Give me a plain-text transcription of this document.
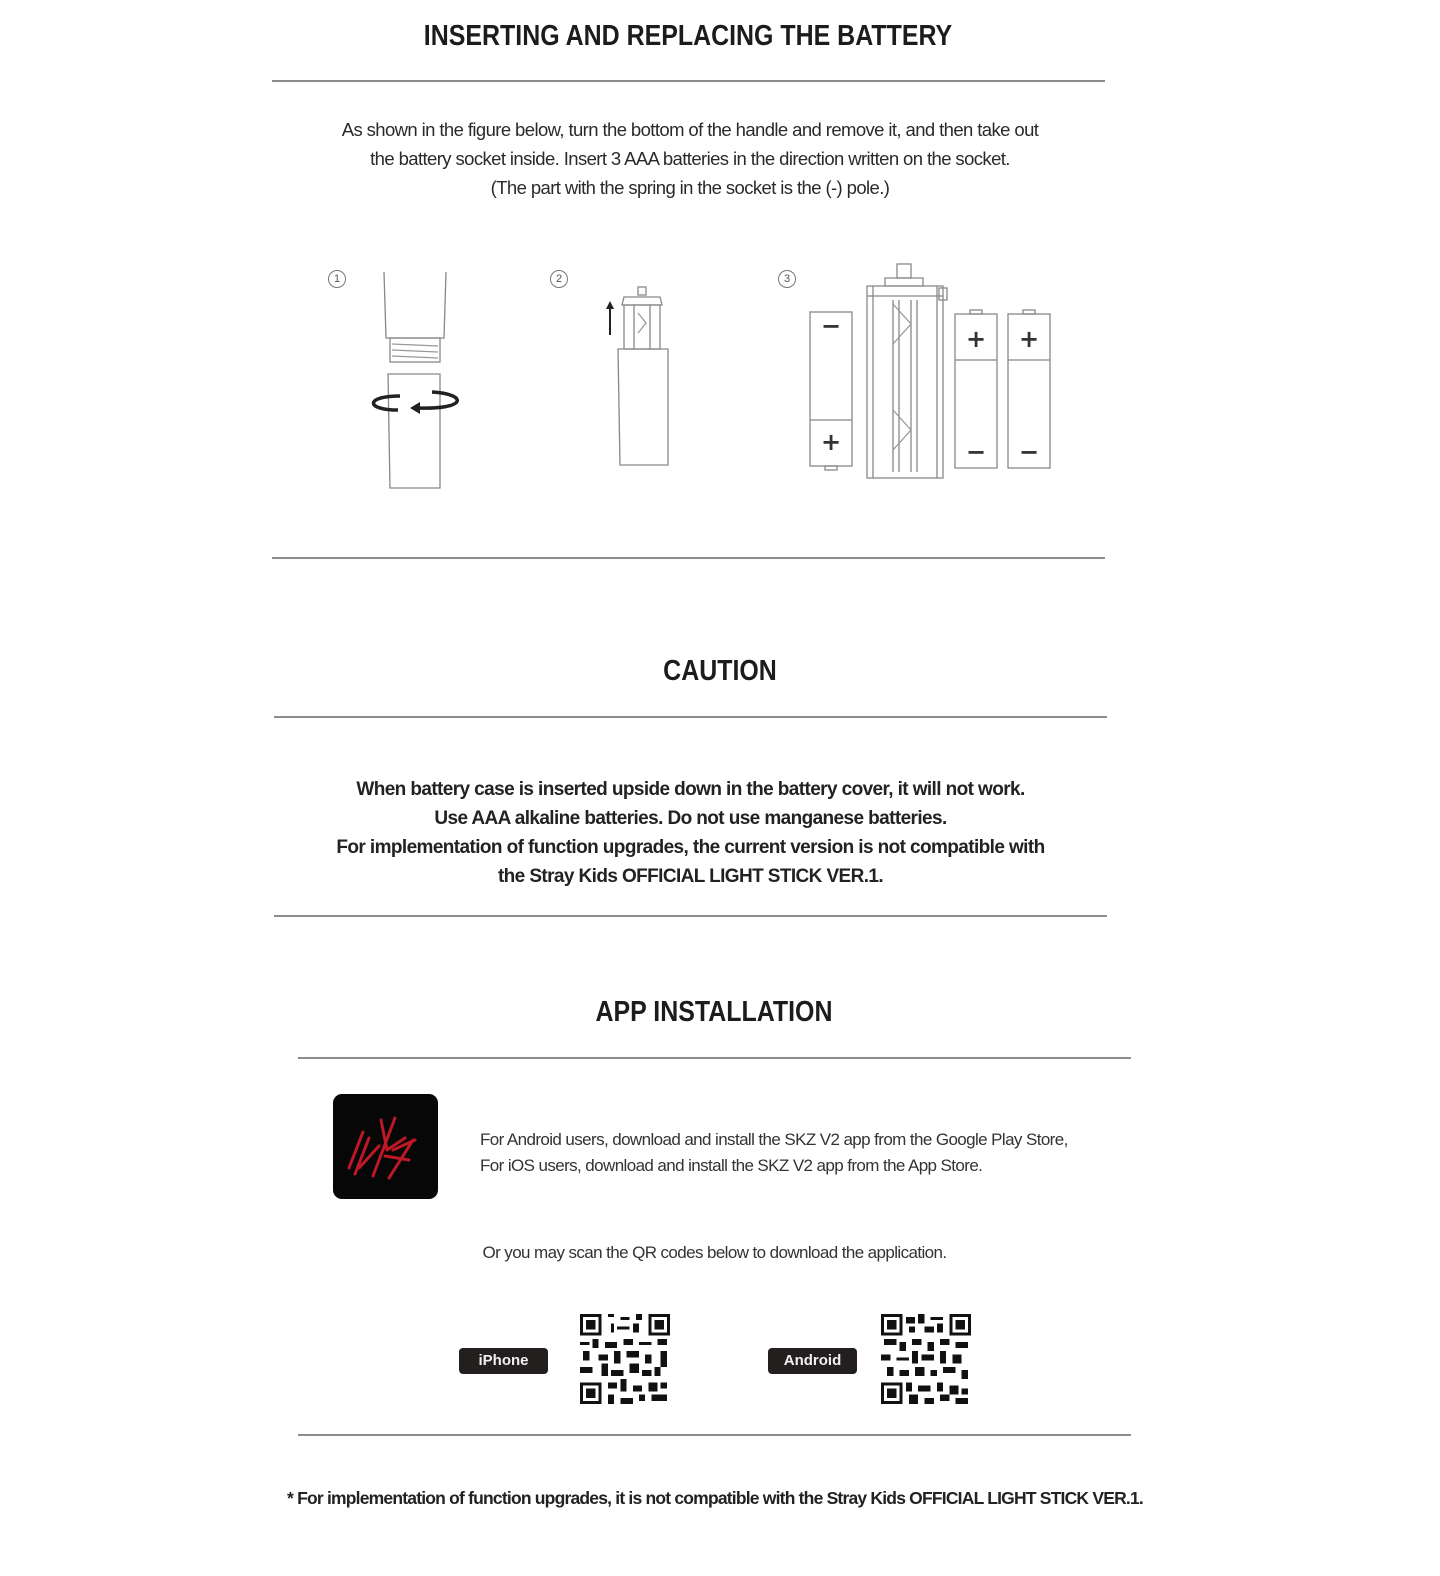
INSERTING AND REPLACING THE BATTERY
As shown in the figure below, turn the bottom of the handle and remove it, and then take out
the battery socket inside. Insert 3 AAA batteries in the direction written on the socket.
(The part with the spring in the socket is the (-) pole.)
1	2	3
−
+
+
−
+
−
CAUTION
When battery case is inserted upside down in the battery cover, it will not work.
Use AAA alkaline batteries. Do not use manganese batteries.
For implementation of function upgrades, the current version is not compatible with
the Stray Kids OFFICIAL LIGHT STICK VER.1.
APP INSTALLATION
For Android users, download and install the SKZ V2 app from the Google Play Store,
For iOS users, download and install the SKZ V2 app from the App Store.
Or you may scan the QR codes below to download the application.
iPhone	Android
* For implementation of function upgrades, it is not compatible with the Stray Kids OFFICIAL LIGHT STICK VER.1.
